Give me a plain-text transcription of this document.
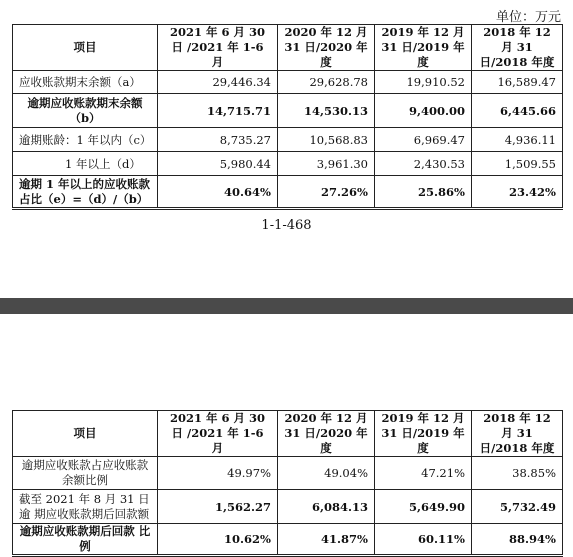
单位：万元
项目	2021 年 6 月 30 日 /2021 年 1-6 月	2020 年 12 月 31 日/2020 年度	2019 年 12 月 31 日/2019 年度	2018 年 12 月 31 日/2018 年度
应收账款期末余额（a）	29,446.34	29,628.78	19,910.52	16,589.47
逾期应收账款期末余额 （b）	14,715.71	14,530.13	9,400.00	6,445.66
逾期账龄：1 年以内（c）	8,735.27	10,568.83	6,969.47	4,936.11
1 年以上（d）	5,980.44	3,961.30	2,430.53	1,509.55
逾期 1 年以上的应收账款 占比（e）=（d）/（b）	40.64%	27.26%	25.86%	23.42%
1-1-468
项目	2021 年 6 月 30 日 /2021 年 1-6 月	2020 年 12 月 31 日/2020 年度	2019 年 12 月 31 日/2019 年度	2018 年 12 月 31 日/2018 年度
逾期应收账款占应收账款 余额比例	49.97%	49.04%	47.21%	38.85%
截至 2021 年 8 月 31 日逾 期应收账款期后回款额	1,562.27	6,084.13	5,649.90	5,732.49
逾期应收账款期后回款 比例	10.62%	41.87%	60.11%	88.94%
